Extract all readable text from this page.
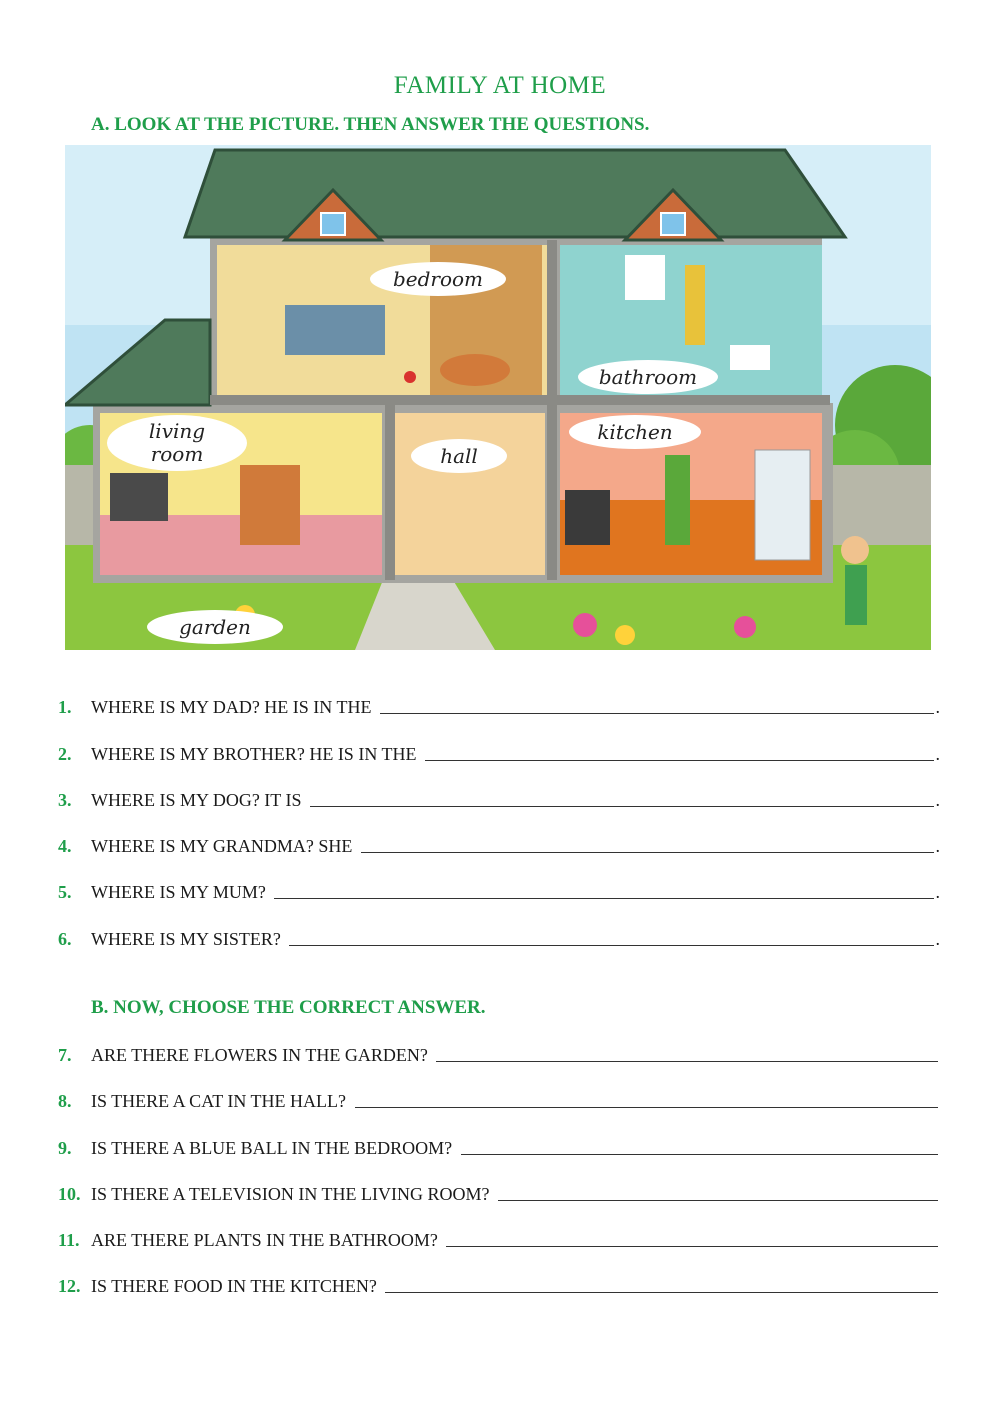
FAMILY AT HOME
A. LOOK AT THE PICTURE. THEN ANSWER THE QUESTIONS.
bedroom
bathroom
living
room	hall
kitchen
garden
1.	WHERE IS MY DAD? HE IS IN THE	.
2.	WHERE IS MY BROTHER? HE IS IN THE	.
3.	WHERE IS MY DOG? IT IS	.
4.	WHERE IS MY GRANDMA? SHE	.
5.	WHERE IS MY MUM?	.
6.	WHERE IS MY SISTER?	.
B. NOW, CHOOSE THE CORRECT ANSWER.
7.	ARE THERE FLOWERS IN THE GARDEN?
8.	IS THERE A CAT IN THE HALL?
9.	IS THERE A BLUE BALL IN THE BEDROOM?
10. IS THERE A TELEVISION IN THE LIVING ROOM?
11. ARE THERE PLANTS IN THE BATHROOM?
12. IS THERE FOOD IN THE KITCHEN?
